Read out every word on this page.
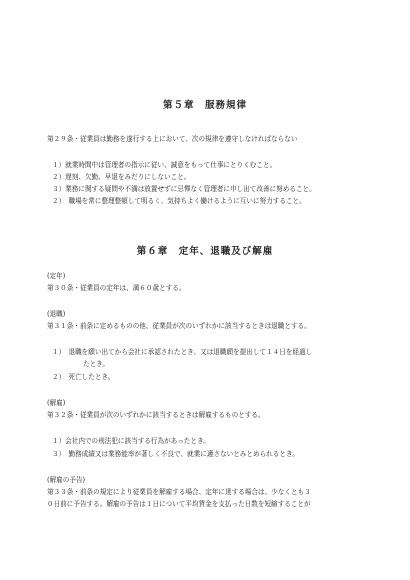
第５章　服務規律
第２９条・従業員は勤務を遂行する上において、次の規律を遵守しなければならない
１）就業時間中は管理者の指示に従い、誠意をもって仕事にとりくむこと。
２）遅刻、欠勤、早退をみだりにしないこと。
３）業務に関する疑問や不満は放置せずに忌憚なく管理者に申し出て改善に努めること。
２）　職場を常に整理整頓して明るく、気持ちよく働けるように互いに努力すること。
第６章　定年、退職及び解雇
(定年)
第３０条・従業員の定年は、満６０歳とする。
(退職)
第３１条・前条に定めるものの他、従業員が次のいずれかに該当するときは退職とする。
１）　退職を願い出てから会社に承認されたとき、又は退職願を提出して１４日を経過し
たとき。
２）　死亡したとき。
(解雇)
第３２条・従業員が次のいずれかに該当するときは解雇するものとする。
１）会社内での刑法犯に該当する行為があったとき。
３）　勤務成績又は業務能率が著しく不良で、就業に適さないとみとめられるとき。
(解雇の予告)
第３３条・前条の規定により従業員を解雇する場合、定年に達する場合は、少なくとも３
０日前に予告する。解雇の予告は１日について平均賃金を支払った日数を短縮することが
